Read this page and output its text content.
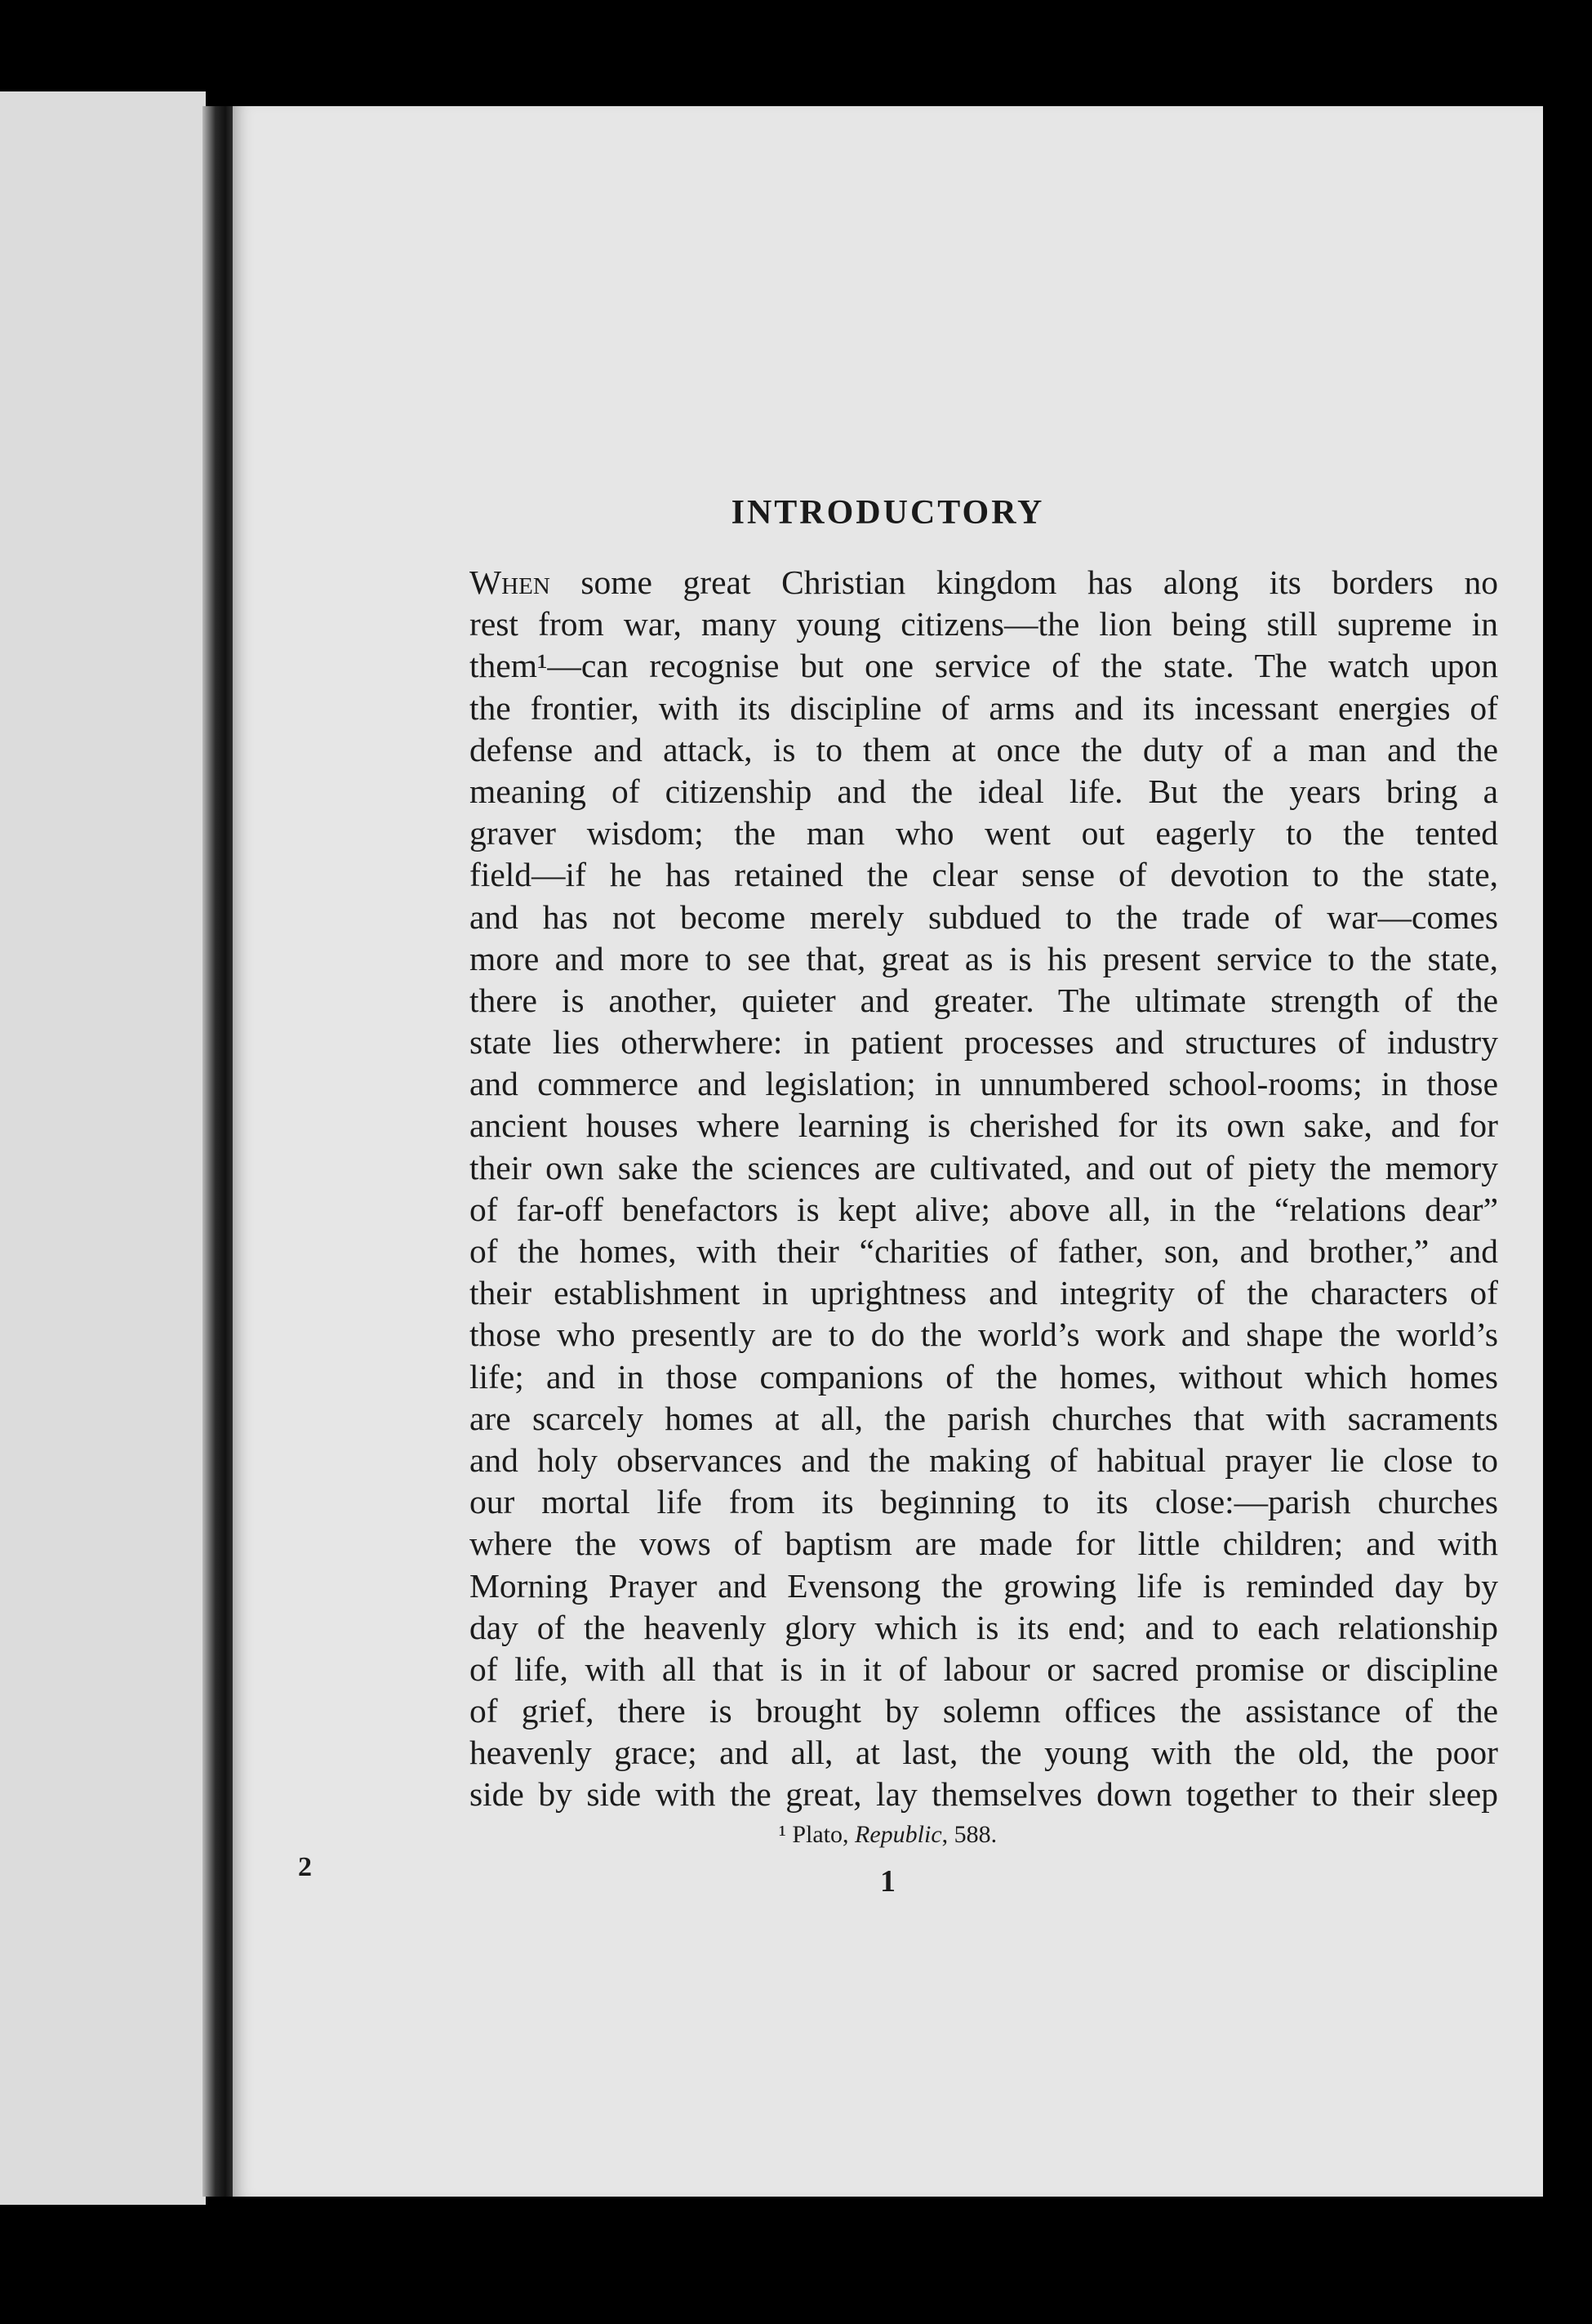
INTRODUCTORY
When some great Christian kingdom has along its borders no
rest from war, many young citizens—the lion being still supreme in
them¹—can recognise but one service of the state. The watch upon
the frontier, with its discipline of arms and its incessant energies of
defense and attack, is to them at once the duty of a man and the
meaning of citizenship and the ideal life. But the years bring a
graver wisdom; the man who went out eagerly to the tented
field—if he has retained the clear sense of devotion to the state,
and has not become merely subdued to the trade of war—comes
more and more to see that, great as is his present service to the state,
there is another, quieter and greater. The ultimate strength of the
state lies otherwhere: in patient processes and structures of industry
and commerce and legislation; in unnumbered school-rooms; in those
ancient houses where learning is cherished for its own sake, and for
their own sake the sciences are cultivated, and out of piety the memory
of far-off benefactors is kept alive; above all, in the “relations dear”
of the homes, with their “charities of father, son, and brother,” and
their establishment in uprightness and integrity of the characters of
those who presently are to do the world’s work and shape the world’s
life; and in those companions of the homes, without which homes
are scarcely homes at all, the parish churches that with sacraments
and holy observances and the making of habitual prayer lie close to
our mortal life from its beginning to its close:—parish churches
where the vows of baptism are made for little children; and with
Morning Prayer and Evensong the growing life is reminded day by
day of the heavenly glory which is its end; and to each relationship
of life, with all that is in it of labour or sacred promise or discipline
of grief, there is brought by solemn offices the assistance of the
heavenly grace; and all, at last, the young with the old, the poor
side by side with the great, lay themselves down together to their sleep
¹ Plato, Republic, 588.
2	1
